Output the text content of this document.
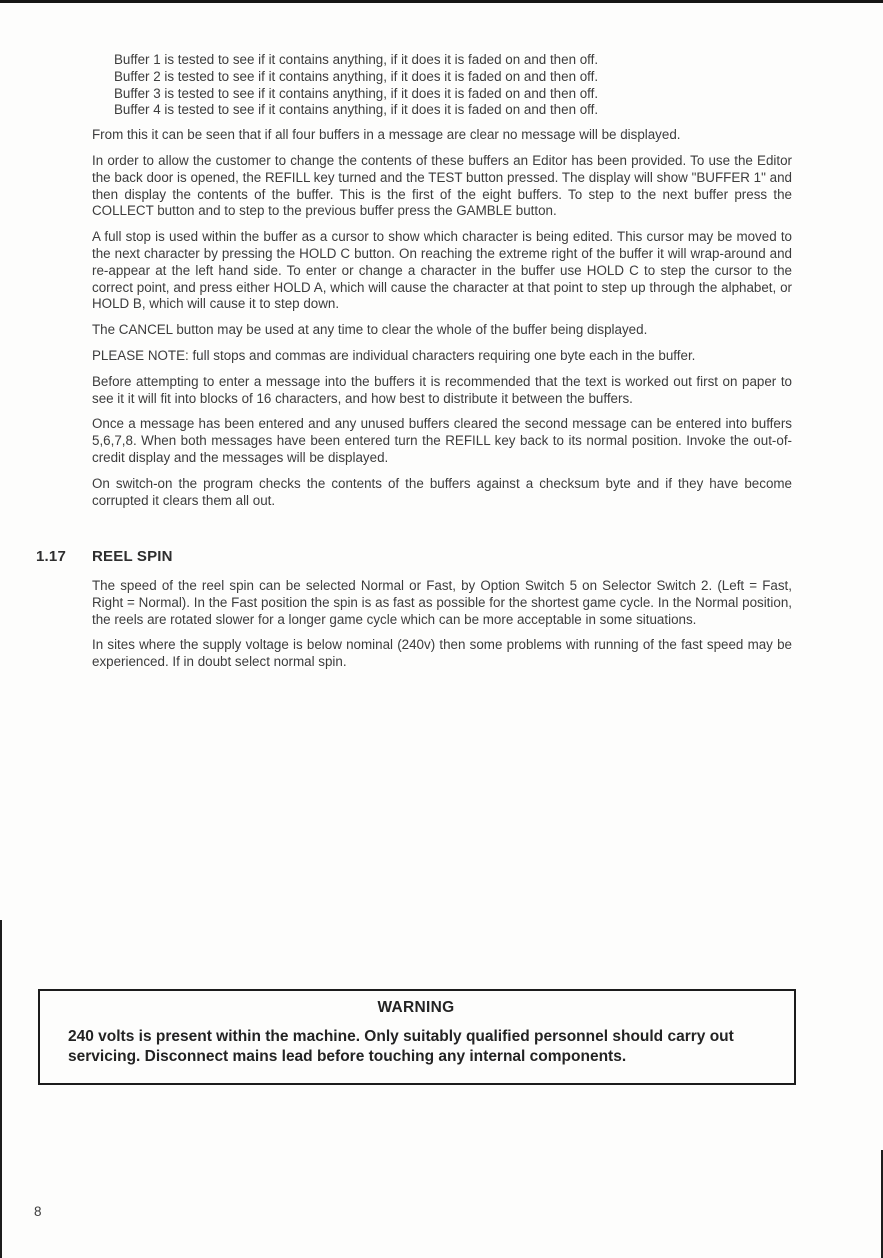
Buffer 1 is tested to see if it contains anything, if it does it is faded on and then off.
Buffer 2 is tested to see if it contains anything, if it does it is faded on and then off.
Buffer 3 is tested to see if it contains anything, if it does it is faded on and then off.
Buffer 4 is tested to see if it contains anything, if it does it is faded on and then off.

From this it can be seen that if all four buffers in a message are clear no message will be displayed.

In order to allow the customer to change the contents of these buffers an Editor has been provided. To use the Editor the back door is opened, the REFILL key turned and the TEST button pressed. The display will show "BUFFER 1" and then display the contents of the buffer. This is the first of the eight buffers. To step to the next buffer press the COLLECT button and to step to the previous buffer press the GAMBLE button.

A full stop is used within the buffer as a cursor to show which character is being edited. This cursor may be moved to the next character by pressing the HOLD C button. On reaching the extreme right of the buffer it will wrap-around and re-appear at the left hand side. To enter or change a character in the buffer use HOLD C to step the cursor to the correct point, and press either HOLD A, which will cause the character at that point to step up through the alphabet, or HOLD B, which will cause it to step down.

The CANCEL button may be used at any time to clear the whole of the buffer being displayed.

PLEASE NOTE: full stops and commas are individual characters requiring one byte each in the buffer.

Before attempting to enter a message into the buffers it is recommended that the text is worked out first on paper to see it it will fit into blocks of 16 characters, and how best to distribute it between the buffers.

Once a message has been entered and any unused buffers cleared the second message can be entered into buffers 5,6,7,8. When both messages have been entered turn the REFILL key back to its normal position. Invoke the out-of-credit display and the messages will be displayed.

On switch-on the program checks the contents of the buffers against a checksum byte and if they have become corrupted it clears them all out.

1.17	REEL SPIN

The speed of the reel spin can be selected Normal or Fast, by Option Switch 5 on Selector Switch 2. (Left = Fast, Right = Normal). In the Fast position the spin is as fast as possible for the shortest game cycle. In the Normal position, the reels are rotated slower for a longer game cycle which can be more acceptable in some situations.

In sites where the supply voltage is below nominal (240v) then some problems with running of the fast speed may be experienced. If in doubt select normal spin.

WARNING
240 volts is present within the machine. Only suitably qualified personnel should carry out servicing. Disconnect mains lead before touching any internal components.
8
